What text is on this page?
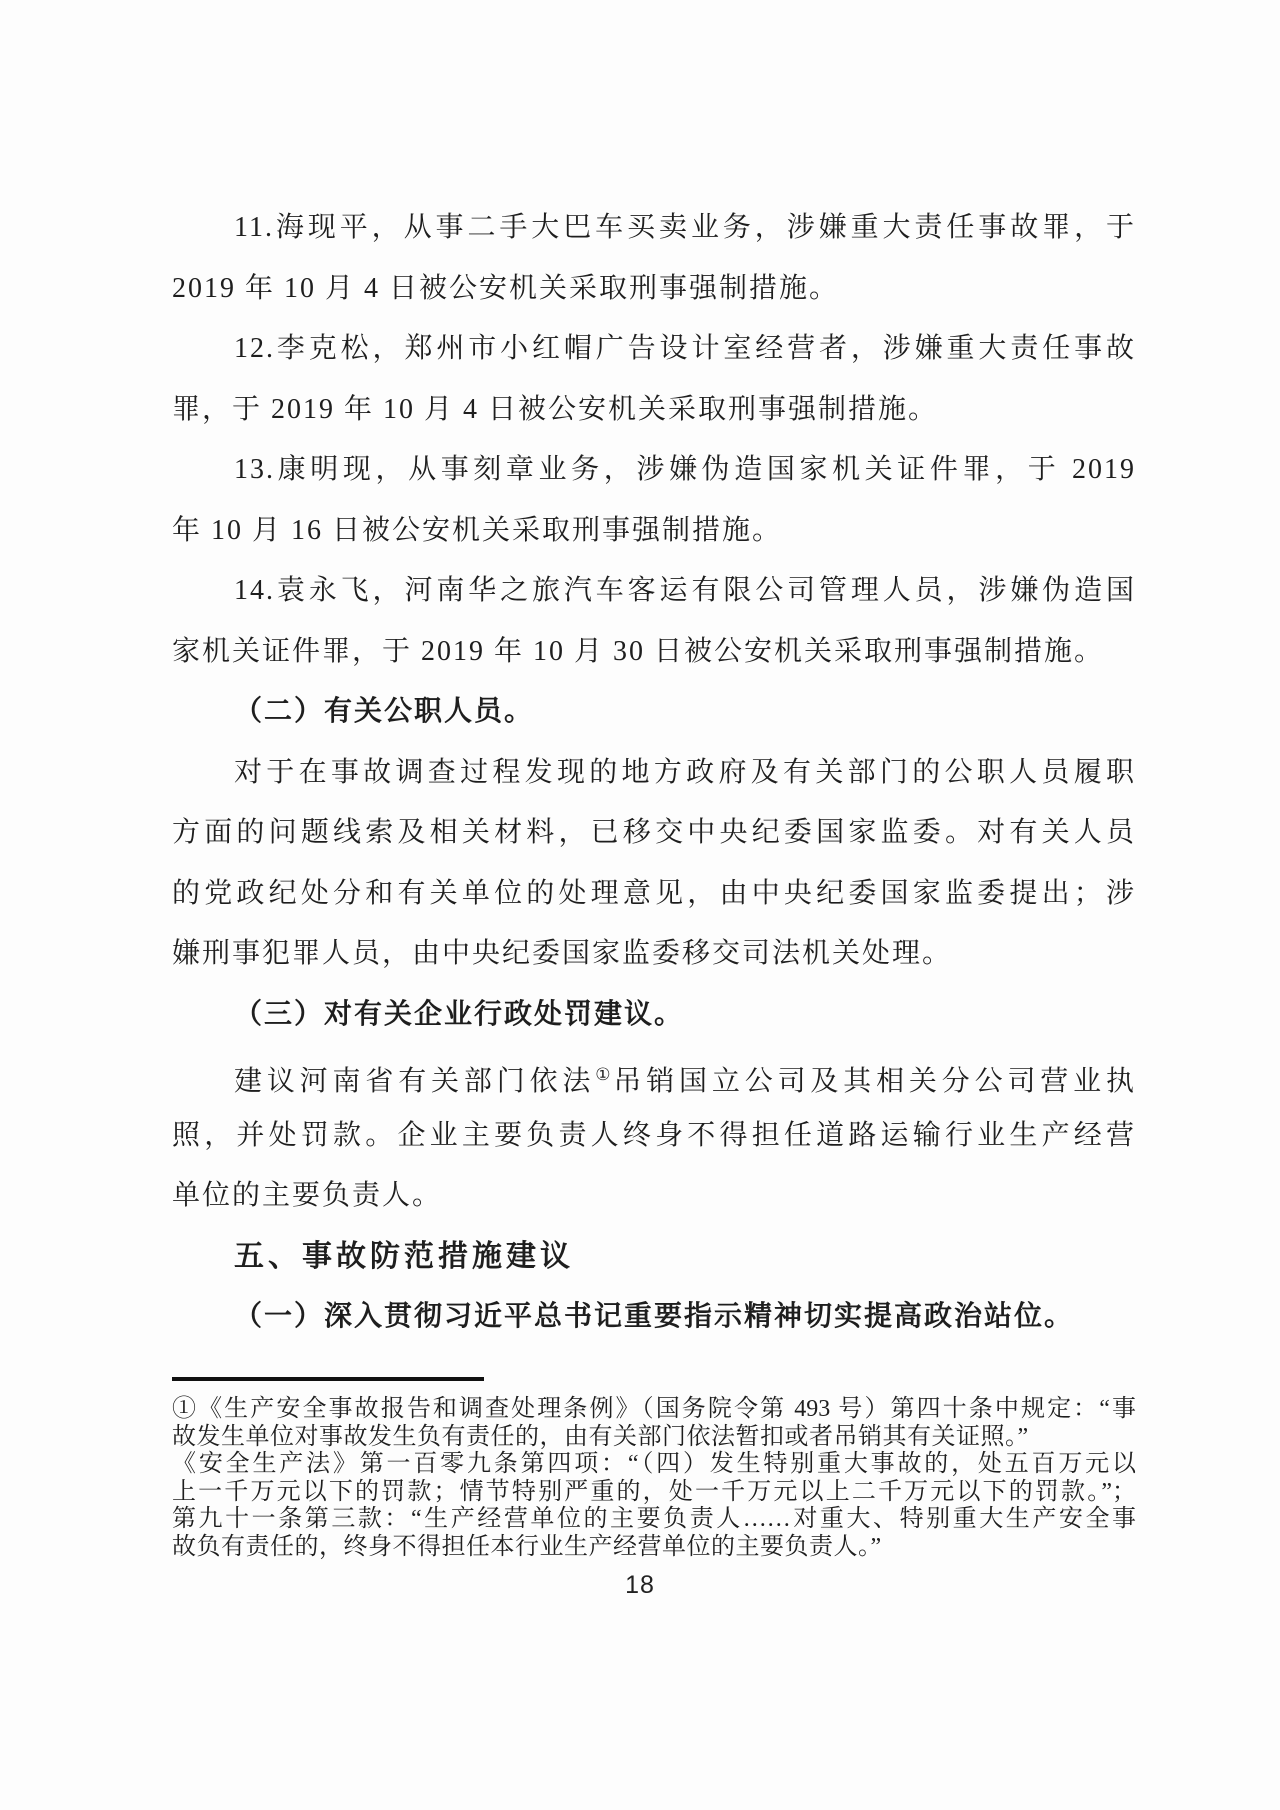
11.海现平，从事二手大巴车买卖业务，涉嫌重大责任事故罪，于
2019 年 10 月 4 日被公安机关采取刑事强制措施。
12.李克松，郑州市小红帽广告设计室经营者，涉嫌重大责任事故
罪，于 2019 年 10 月 4 日被公安机关采取刑事强制措施。
13.康明现，从事刻章业务，涉嫌伪造国家机关证件罪，于 2019
年 10 月 16 日被公安机关采取刑事强制措施。
14.袁永飞，河南华之旅汽车客运有限公司管理人员，涉嫌伪造国
家机关证件罪，于 2019 年 10 月 30 日被公安机关采取刑事强制措施。
（二）有关公职人员。
对于在事故调查过程发现的地方政府及有关部门的公职人员履职
方面的问题线索及相关材料，已移交中央纪委国家监委。对有关人员
的党政纪处分和有关单位的处理意见，由中央纪委国家监委提出；涉
嫌刑事犯罪人员，由中央纪委国家监委移交司法机关处理。
（三）对有关企业行政处罚建议。
建议河南省有关部门依法①吊销国立公司及其相关分公司营业执
照，并处罚款。企业主要负责人终身不得担任道路运输行业生产经营
单位的主要负责人。
五、事故防范措施建议
（一）深入贯彻习近平总书记重要指示精神切实提高政治站位。
①《生产安全事故报告和调查处理条例》（国务院令第 493 号）第四十条中规定：“事
故发生单位对事故发生负有责任的，由有关部门依法暂扣或者吊销其有关证照。”
《安全生产法》第一百零九条第四项：“（四）发生特别重大事故的，处五百万元以
上一千万元以下的罚款；情节特别严重的，处一千万元以上二千万元以下的罚款。”；
第九十一条第三款：“生产经营单位的主要负责人……对重大、特别重大生产安全事
故负有责任的，终身不得担任本行业生产经营单位的主要负责人。”
18
